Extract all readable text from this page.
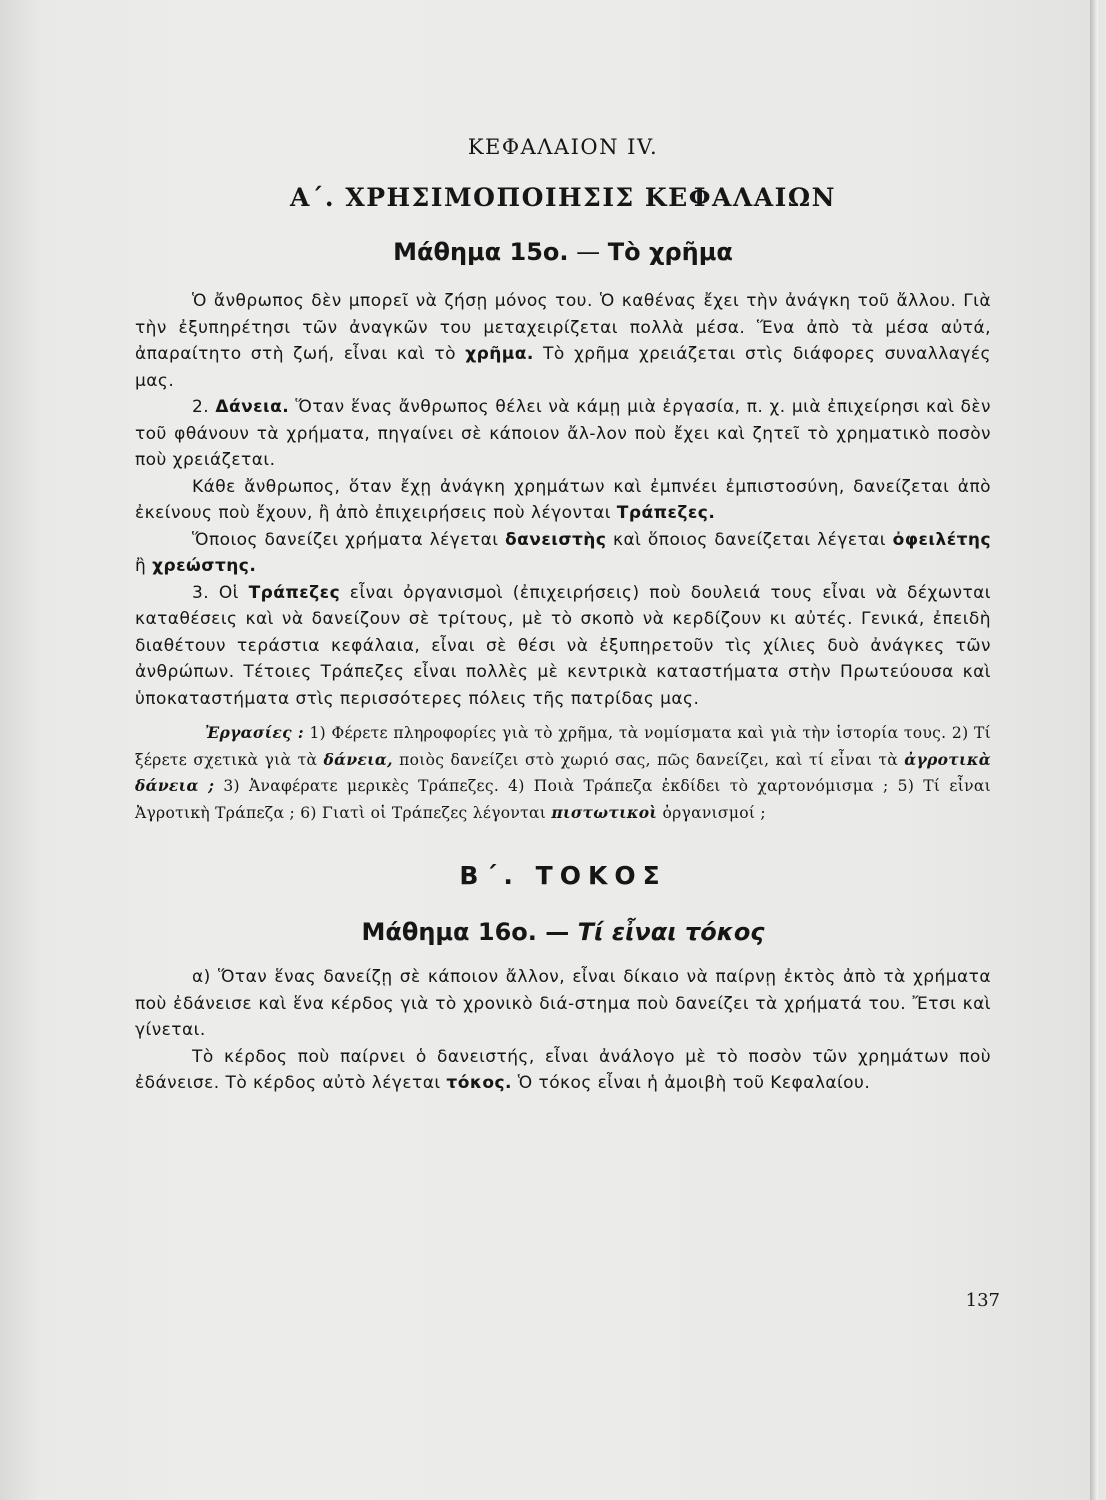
ΚΕΦΑΛΑΙΟΝ IV.
Α΄. ΧΡΗΣΙΜΟΠΟΙΗΣΙΣ ΚΕΦΑΛΑΙΩΝ
Μάθημα 15ο. — Τὸ χρῆμα

Ὁ ἄνθρωπος δὲν μπορεῖ νὰ ζήσῃ μόνος του. Ὁ καθένας ἔχει τὴν ἀνάγκη τοῦ ἄλλου. Γιὰ τὴν ἐξυπηρέτησι τῶν ἀναγκῶν του μεταχειρίζεται πολλὰ μέσα. Ἕνα ἀπὸ τὰ μέσα αὐτά, ἀπαραίτητο στὴ ζωή, εἶναι καὶ τὸ χρῆμα. Τὸ χρῆμα χρειάζεται στὶς διάφορες συναλλαγές μας.

2. Δάνεια. Ὅταν ἕνας ἄνθρωπος θέλει νὰ κάμῃ μιὰ ἐργασία, π. χ. μιὰ ἐπιχείρησι καὶ δὲν τοῦ φθάνουν τὰ χρήματα, πηγαίνει σὲ κάποιον ἄλ-λον ποὺ ἔχει καὶ ζητεῖ τὸ χρηματικὸ ποσὸν ποὺ χρειάζεται.

Κάθε ἄνθρωπος, ὅταν ἔχῃ ἀνάγκη χρημάτων καὶ ἐμπνέει ἐμπιστοσύνη, δανείζεται ἀπὸ ἐκείνους ποὺ ἔχουν, ἢ ἀπὸ ἐπιχειρήσεις ποὺ λέγονται Τράπεζες.

Ὅποιος δανείζει χρήματα λέγεται δανειστὴς καὶ ὅποιος δανείζεται λέγεται ὀφειλέτης ἢ χρεώστης.

3. Οἱ Τράπεζες εἶναι ὀργανισμοὶ (ἐπιχειρήσεις) ποὺ δουλειά τους εἶναι νὰ δέχωνται καταθέσεις καὶ νὰ δανείζουν σὲ τρίτους, μὲ τὸ σκοπὸ νὰ κερδίζουν κι αὐτές. Γενικά, ἐπειδὴ διαθέτουν τεράστια κεφάλαια, εἶναι σὲ θέσι νὰ ἐξυπηρετοῦν τὶς χίλιες δυὸ ἀνάγκες τῶν ἀνθρώπων. Τέτοιες Τράπεζες εἶναι πολλὲς μὲ κεντρικὰ καταστήματα στὴν Πρωτεύουσα καὶ ὑποκαταστήματα στὶς περισσότερες πόλεις τῆς πατρίδας μας.

Ἐργασίες : 1) Φέρετε πληροφορίες γιὰ τὸ χρῆμα, τὰ νομίσματα καὶ γιὰ τὴν ἱστορία τους. 2) Τί ξέρετε σχετικὰ γιὰ τὰ δάνεια, ποιὸς δανείζει στὸ χωριό σας, πῶς δανείζει, καὶ τί εἶναι τὰ ἀγροτικὰ δάνεια ; 3) Ἀναφέρατε μερικὲς Τράπεζες. 4) Ποιὰ Τράπεζα ἐκδίδει τὸ χαρτονόμισμα ; 5) Τί εἶναι Ἀγροτικὴ Τράπεζα ; 6) Γιατὶ οἱ Τράπεζες λέγονται πιστωτικοὶ ὀργανισμοί ;

Β΄. ΤΟΚΟΣ
Μάθημα 16ο. — Τί εἶναι τόκος

α) Ὅταν ἕνας δανείζῃ σὲ κάποιον ἄλλον, εἶναι δίκαιο νὰ παίρνῃ ἐκτὸς ἀπὸ τὰ χρήματα ποὺ ἐδάνεισε καὶ ἕνα κέρδος γιὰ τὸ χρονικὸ διά-στημα ποὺ δανείζει τὰ χρήματά του. Ἔτσι καὶ γίνεται.

Τὸ κέρδος ποὺ παίρνει ὁ δανειστής, εἶναι ἀνάλογο μὲ τὸ ποσὸν τῶν χρημάτων ποὺ ἐδάνεισε. Τὸ κέρδος αὐτὸ λέγεται τόκος. Ὁ τόκος εἶναι ἡ ἀμοιβὴ τοῦ Κεφαλαίου.

137
